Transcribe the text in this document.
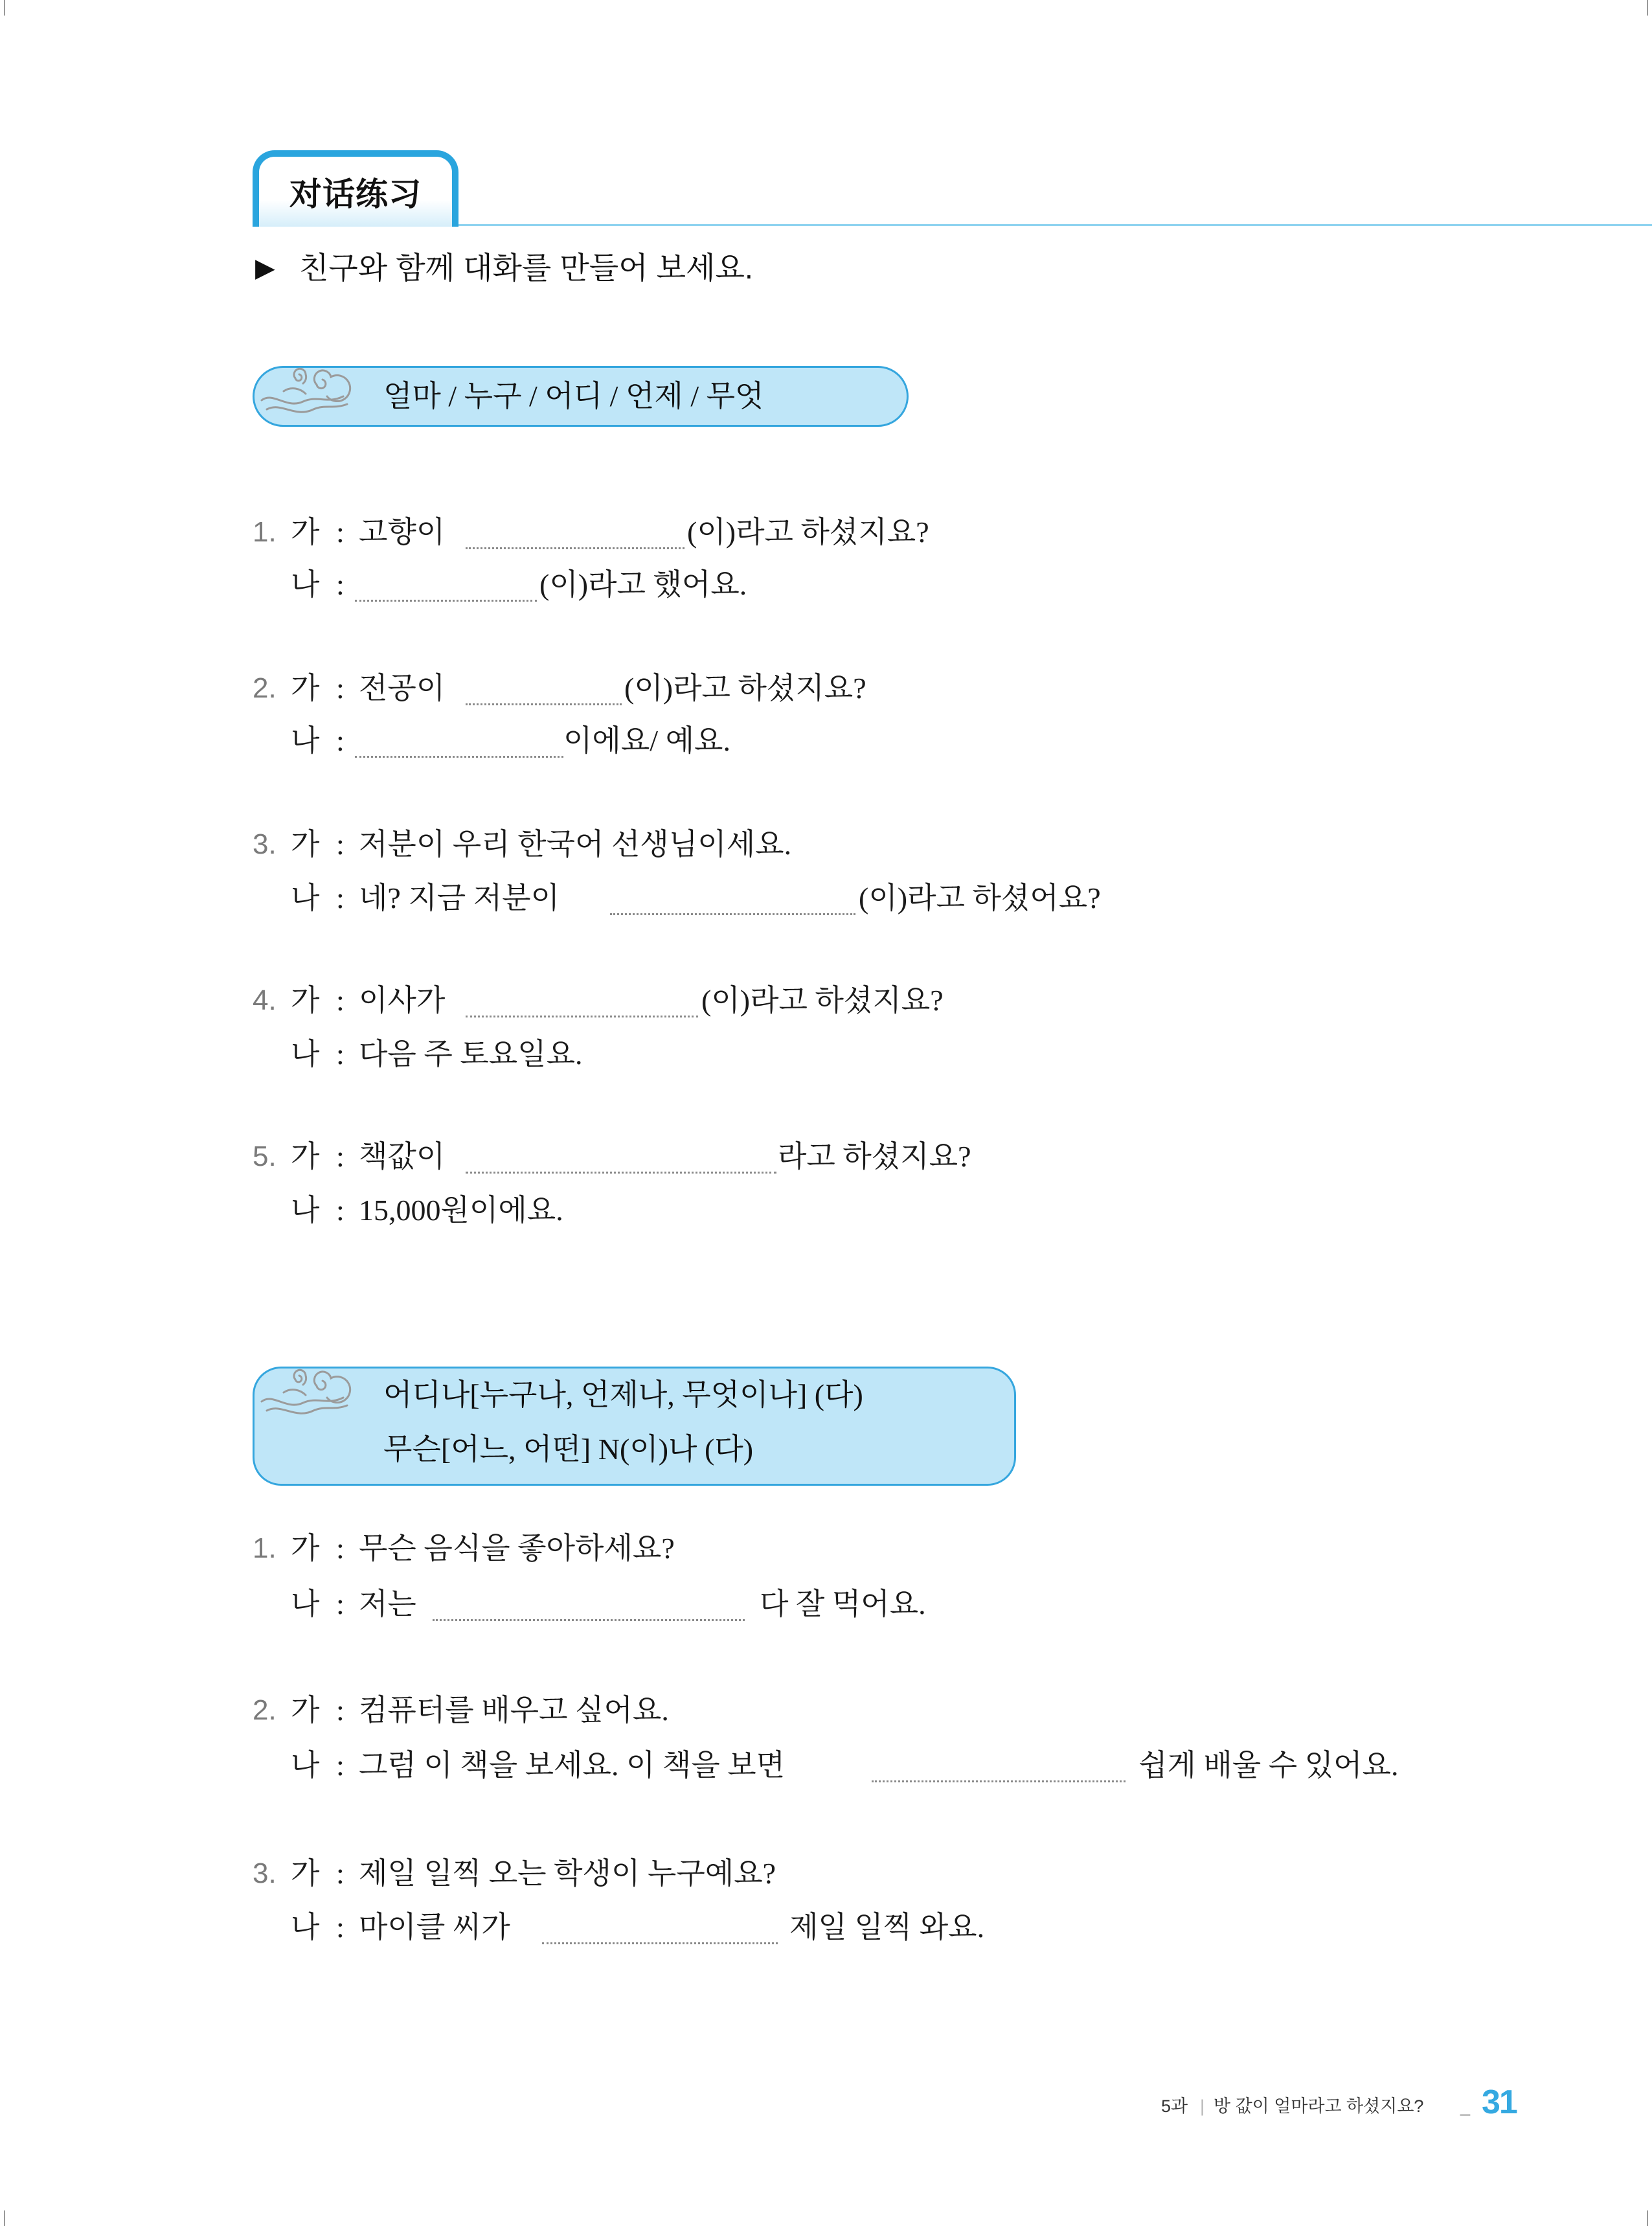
对话练习
▶ 친구와 함께 대화를 만들어 보세요.
얼마 / 누구 / 어디 / 언제 / 무엇
1. 가 : 고향이	(이)라고 하셨지요?
나 :	(이)라고 했어요.
2. 가 : 전공이	(이)라고 하셨지요?
나 :	이에요/ 예요.
3. 가 : 저분이 우리 한국어 선생님이세요.
나 : 네? 지금 저분이	(이)라고 하셨어요?
4. 가 : 이사가	(이)라고 하셨지요?
나 : 다음 주 토요일요.
5. 가 : 책값이	라고 하셨지요?
나 : 15,000원이에요.
어디나[누구나, 언제나, 무엇이나] (다)
무슨[어느, 어떤] N(이)나 (다)
1. 가 : 무슨 음식을 좋아하세요?
나 : 저는	다 잘 먹어요.
2. 가 : 컴퓨터를 배우고 싶어요.
나 : 그럼 이 책을 보세요. 이 책을 보면	쉽게 배울 수 있어요.
3. 가 : 제일 일찍 오는 학생이 누구예요?
나 : 마이클 씨가	제일 일찍 와요.
5과 | 방 값이 얼마라고 하셨지요? _ 31
